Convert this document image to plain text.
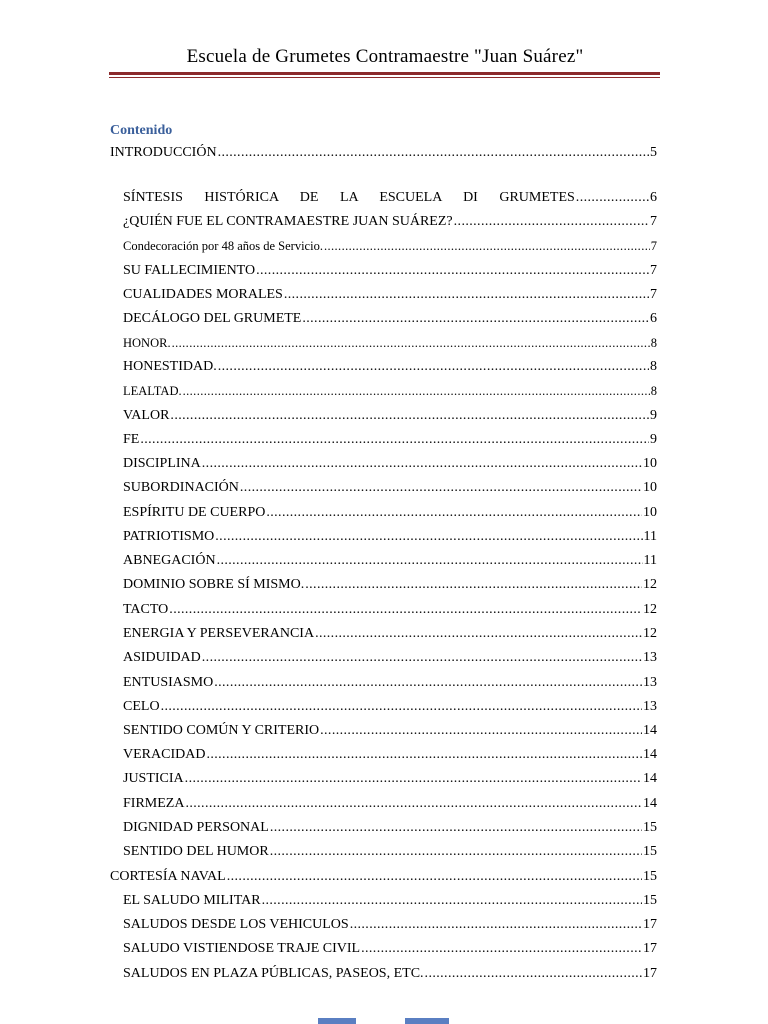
Escuela de Grumetes Contramaestre "Juan Suárez"
Contenido
INTRODUCCIÓN .....	5
SÍNTESIS HISTÓRICA DE LA ESCUELA DI GRUMETES .....	6
¿QUIÉN FUE EL CONTRAMAESTRE JUAN SUÁREZ? .....	7
Condecoración por 48 años de Servicio. .....	7
SU FALLECIMIENTO .....	7
CUALIDADES MORALES .....	7
DECÁLOGO DEL GRUMETE .....	6
HONOR. .....	8
HONESTIDAD. .....	8
LEALTAD. .....	8
VALOR .....	9
FE .....	9
DISCIPLINA .....	10
SUBORDINACIÓN .....	10
ESPÍRITU DE CUERPO .....	10
PATRIOTISMO .....	11
ABNEGACIÓN .....	11
DOMINIO SOBRE SÍ MISMO. .....	12
TACTO .....	12
ENERGIA Y PERSEVERANCIA .....	12
ASIDUIDAD .....	13
ENTUSIASMO .....	13
CELO .....	13
SENTIDO COMÚN Y CRITERIO .....	14
VERACIDAD .....	14
JUSTICIA .....	14
FIRMEZA .....	14
DIGNIDAD PERSONAL .....	15
SENTIDO DEL HUMOR .....	15
CORTESÍA NAVAL .....	15
EL SALUDO MILITAR .....	15
SALUDOS DESDE LOS VEHICULOS .....	17
SALUDO VISTIENDOSE TRAJE CIVIL .....	17
SALUDOS EN PLAZA PÚBLICAS, PASEOS, ETC. .....	17
